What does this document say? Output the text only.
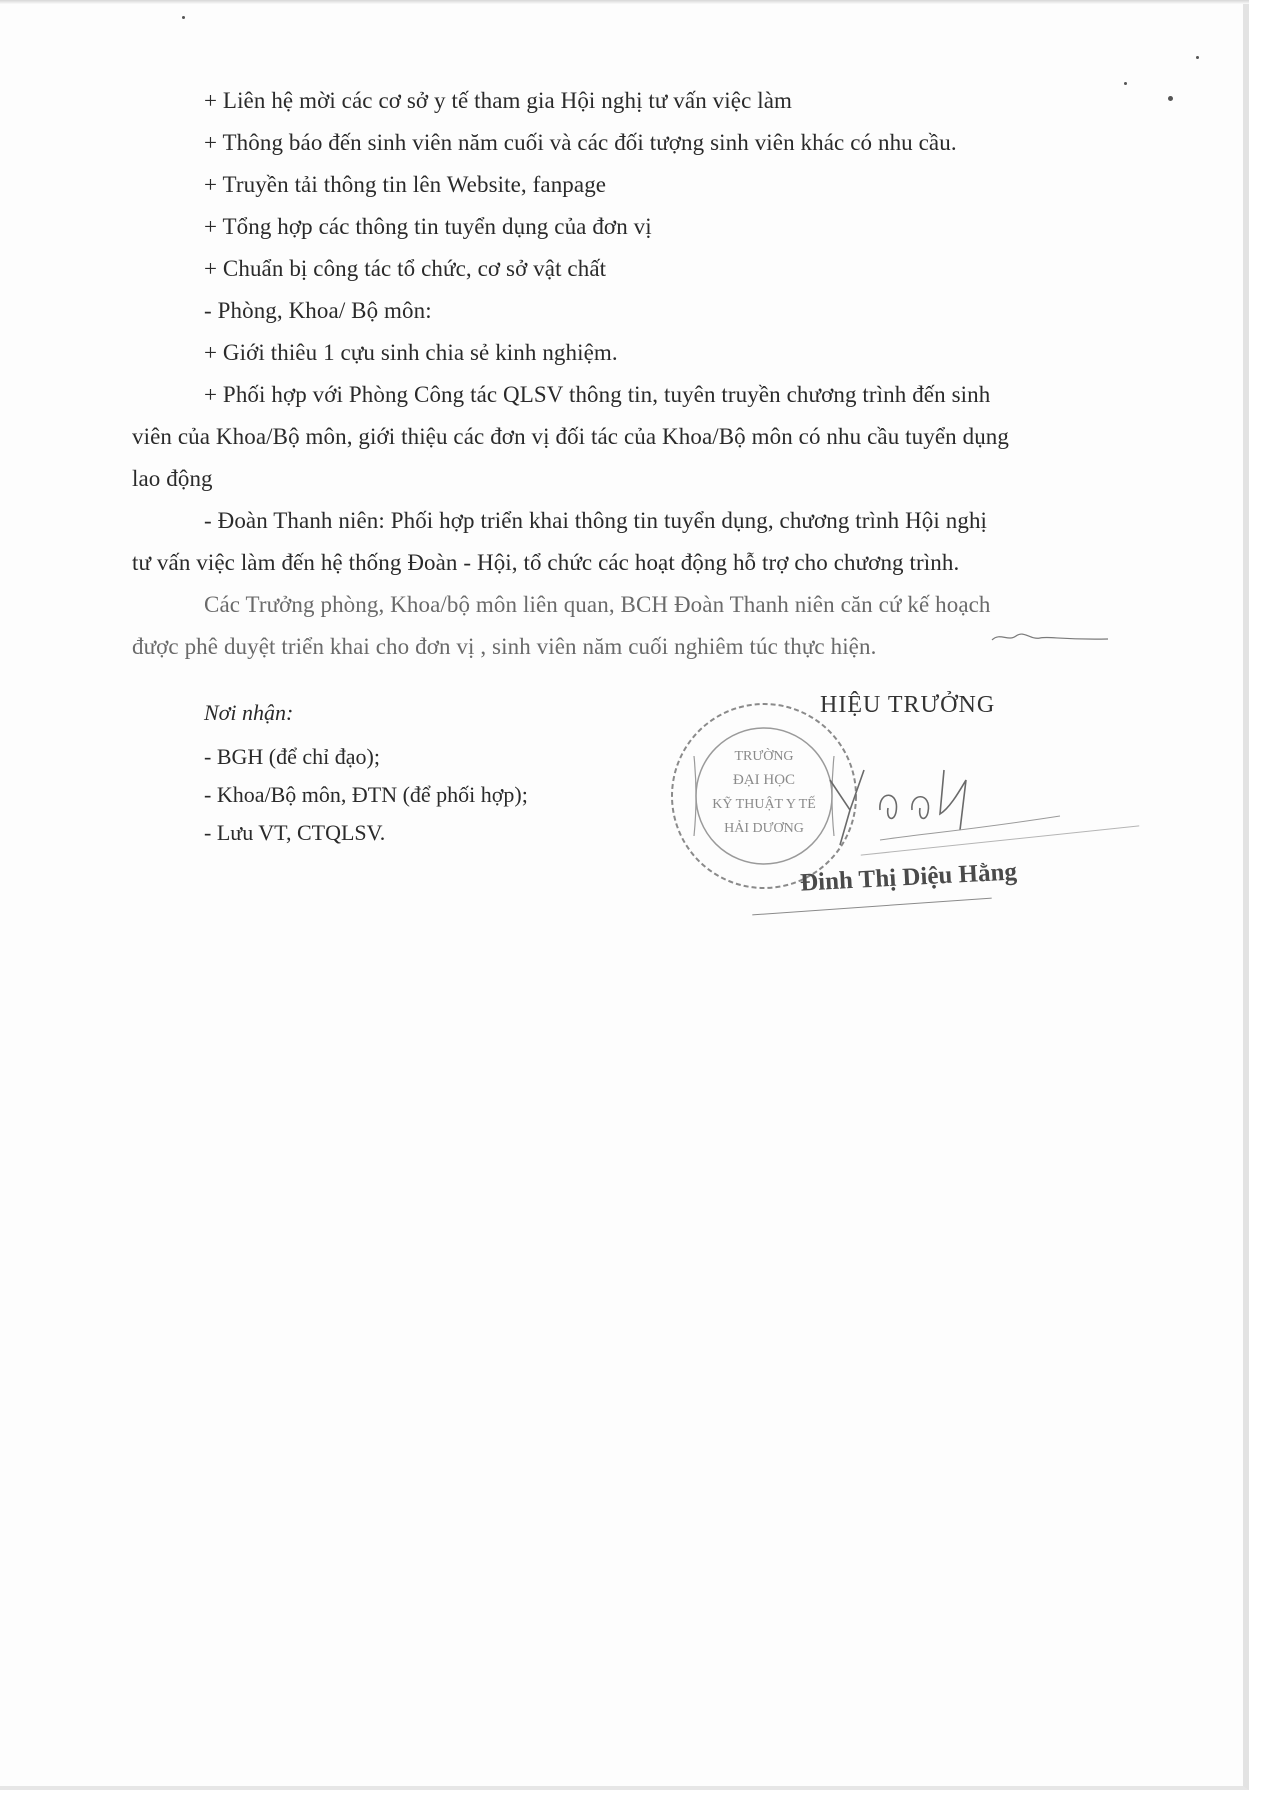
+ Liên hệ mời các cơ sở y tế tham gia Hội nghị tư vấn việc làm
+ Thông báo đến sinh viên năm cuối và các đối tượng sinh viên khác có nhu cầu.
+ Truyền tải thông tin lên Website, fanpage
+ Tổng hợp các thông tin tuyển dụng của đơn vị
+ Chuẩn bị công tác tổ chức, cơ sở vật chất
- Phòng, Khoa/ Bộ môn:
+ Giới thiêu 1 cựu sinh chia sẻ kinh nghiệm.
+ Phối hợp với Phòng Công tác QLSV thông tin, tuyên truyền chương trình đến sinh
viên của Khoa/Bộ môn, giới thiệu các đơn vị đối tác của Khoa/Bộ môn có nhu cầu tuyển dụng
lao động
- Đoàn Thanh niên: Phối hợp triển khai thông tin tuyển dụng, chương trình Hội nghị
tư vấn việc làm đến hệ thống Đoàn - Hội, tổ chức các hoạt động hỗ trợ cho chương trình.
Các Trưởng phòng, Khoa/bộ môn liên quan, BCH Đoàn Thanh niên căn cứ kế hoạch
được phê duyệt triển khai cho đơn vị , sinh viên năm cuối nghiêm túc thực hiện.
Nơi nhận:
- BGH (để chỉ đạo);
- Khoa/Bộ môn, ĐTN (để phối hợp);
- Lưu VT, CTQLSV.
TRƯỜNG
ĐẠI HỌC
KỸ THUẬT Y TẾ
HẢI DƯƠNG
HIỆU TRƯỞNG
Đinh Thị Diệu Hằng
